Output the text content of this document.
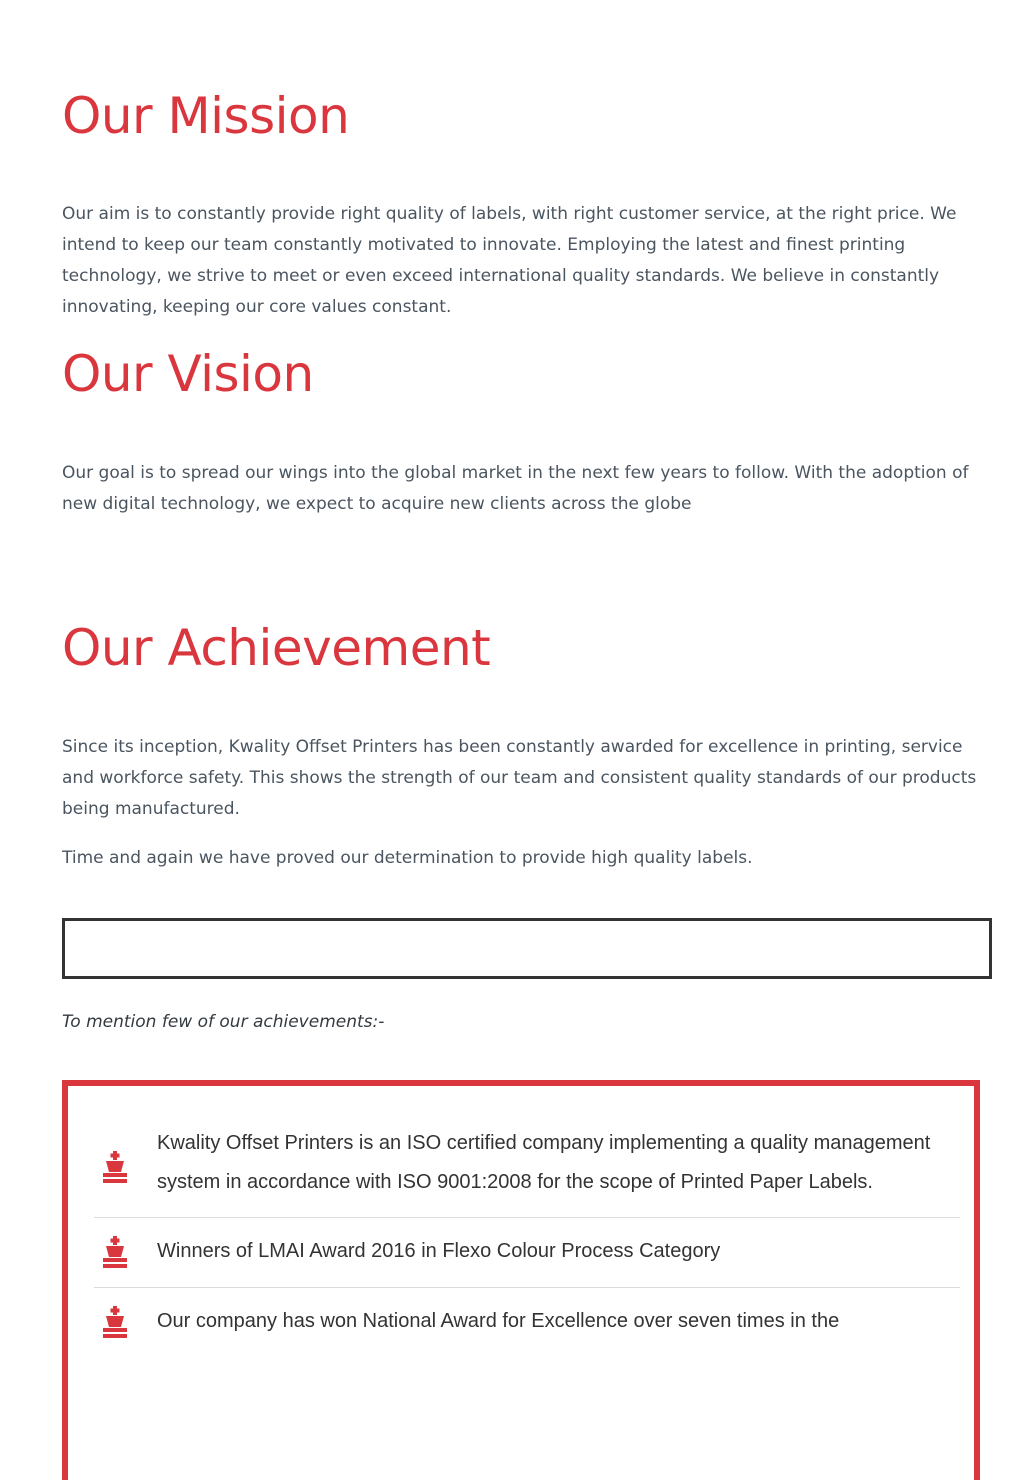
Our Mission

Our aim is to constantly provide right quality of labels, with right customer service, at the right price. We intend to keep our team constantly motivated to innovate. Employing the latest and finest printing technology, we strive to meet or even exceed international quality standards. We believe in constantly innovating, keeping our core values constant.

Our Vision

Our goal is to spread our wings into the global market in the next few years to follow. With the adoption of new digital technology, we expect to acquire new clients across the globe

Our Achievement

Since its inception, Kwality Offset Printers has been constantly awarded for excellence in printing, service and workforce safety. This shows the strength of our team and consistent quality standards of our products being manufactured.

Time and again we have proved our determination to provide high quality labels.

To mention few of our achievements:-
Kwality Offset Printers is an ISO certified company implementing a quality management system in accordance with ISO 9001:2008 for the scope of Printed Paper Labels.
Winners of LMAI Award 2016 in Flexo Colour Process Category
Our company has won National Award for Excellence over seven times in the
